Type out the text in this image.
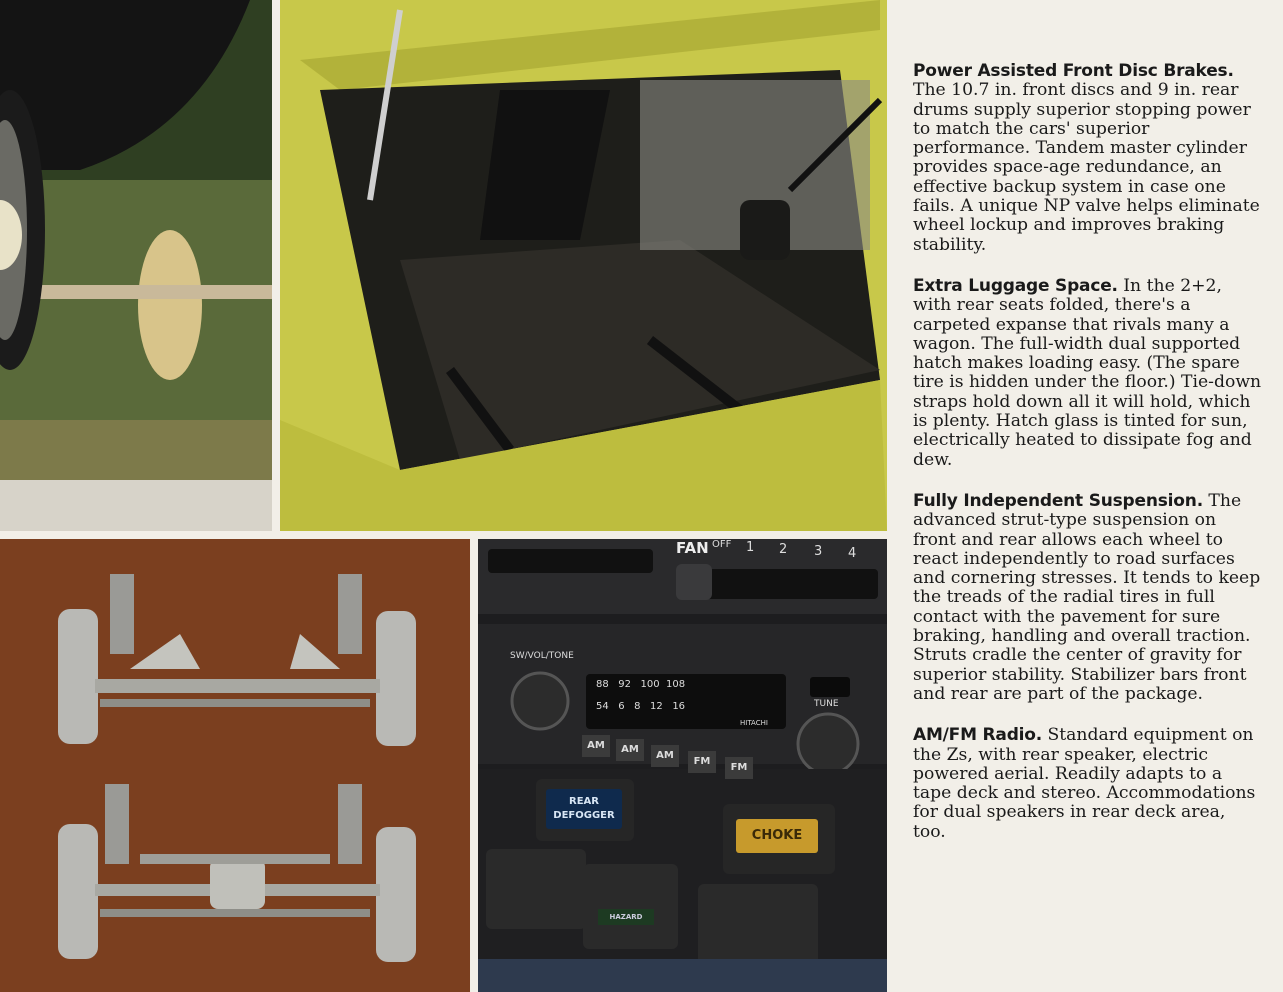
FAN OFF 1 2 3 4
SW/VOL/TONE
TUNE
88   92   100  108
54   6   8   12   16
HITACHI
AM	AM
AM
FM
FM
REAR
DEFOGGER
CHOKE
HAZARD

Power Assisted Front Disc Brakes. The 10.7 in. front discs and 9 in. rear drums supply superior stopping power to match the cars' superior performance. Tandem master cylinder provides space-age redundance, an effective backup system in case one fails. A unique NP valve helps eliminate wheel lockup and improves braking stability.

Extra Luggage Space. In the 2+2, with rear seats folded, there's a carpeted expanse that rivals many a wagon. The full-width dual supported hatch makes loading easy. (The spare tire is hidden under the floor.) Tie-down straps hold down all it will hold, which is plenty. Hatch glass is tinted for sun, electrically heated to dissipate fog and dew.

Fully Independent Suspension. The advanced strut-type suspension on front and rear allows each wheel to react independently to road surfaces and cornering stresses. It tends to keep the treads of the radial tires in full contact with the pavement for sure braking, handling and overall traction. Struts cradle the center of gravity for superior stability. Stabilizer bars front and rear are part of the package.

AM/FM Radio. Standard equipment on the Zs, with rear speaker, electric powered aerial. Readily adapts to a tape deck and stereo. Accommodations for dual speakers in rear deck area, too.
